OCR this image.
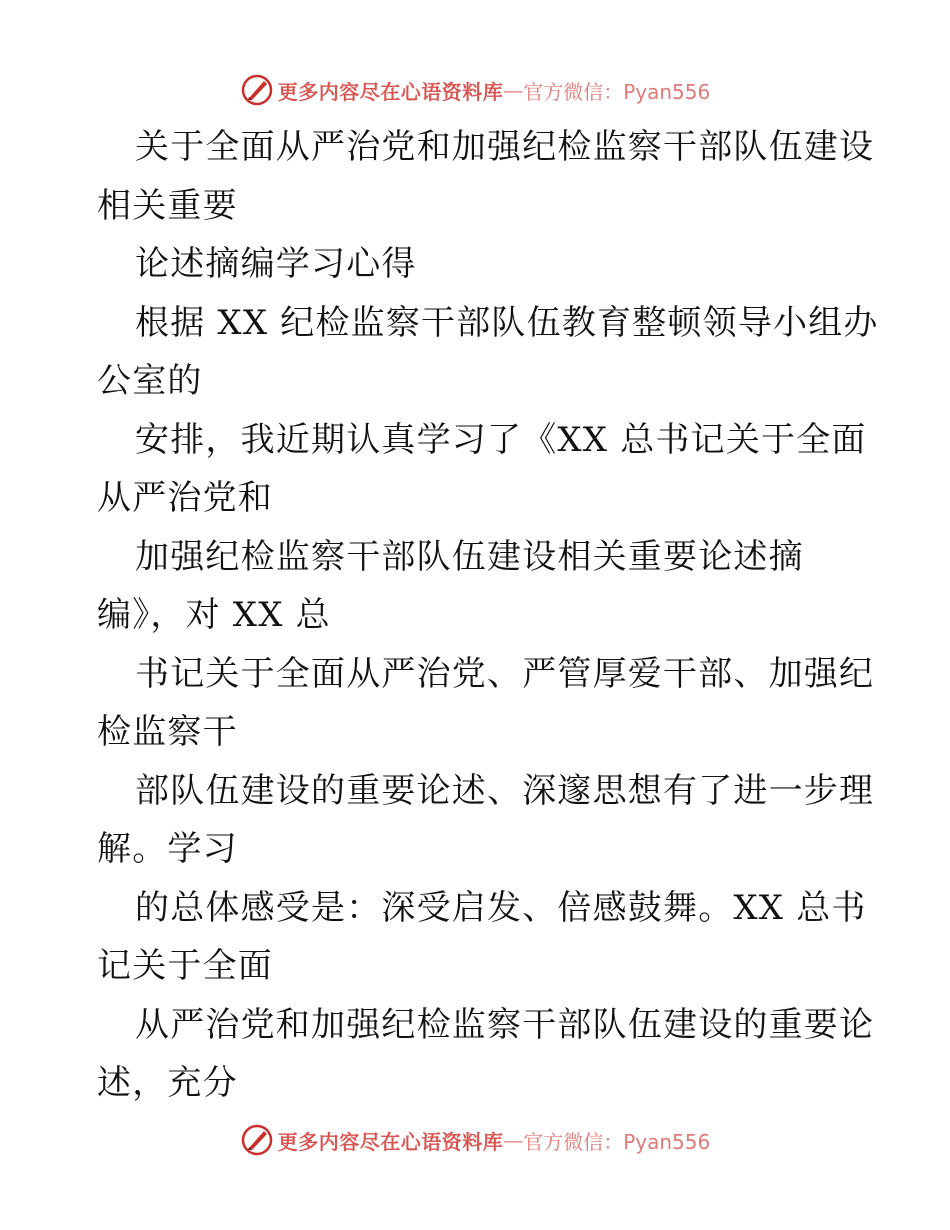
更多内容尽在心语资料库 — 官方微信：Pyan556
关于全面从严治党和加强纪检监察干部队伍建设
相关重要
论述摘编学习心得
根据 XX 纪检监察干部队伍教育整顿领导小组办
公室的
安排，我近期认真学习了《XX 总书记关于全面
从严治党和
加强纪检监察干部队伍建设相关重要论述摘
编》，对 XX 总
书记关于全面从严治党、严管厚爱干部、加强纪
检监察干
部队伍建设的重要论述、深邃思想有了进一步理
解。学习
的总体感受是：深受启发、倍感鼓舞。XX 总书
记关于全面
从严治党和加强纪检监察干部队伍建设的重要论
述，充分
更多内容尽在心语资料库 — 官方微信：Pyan556
